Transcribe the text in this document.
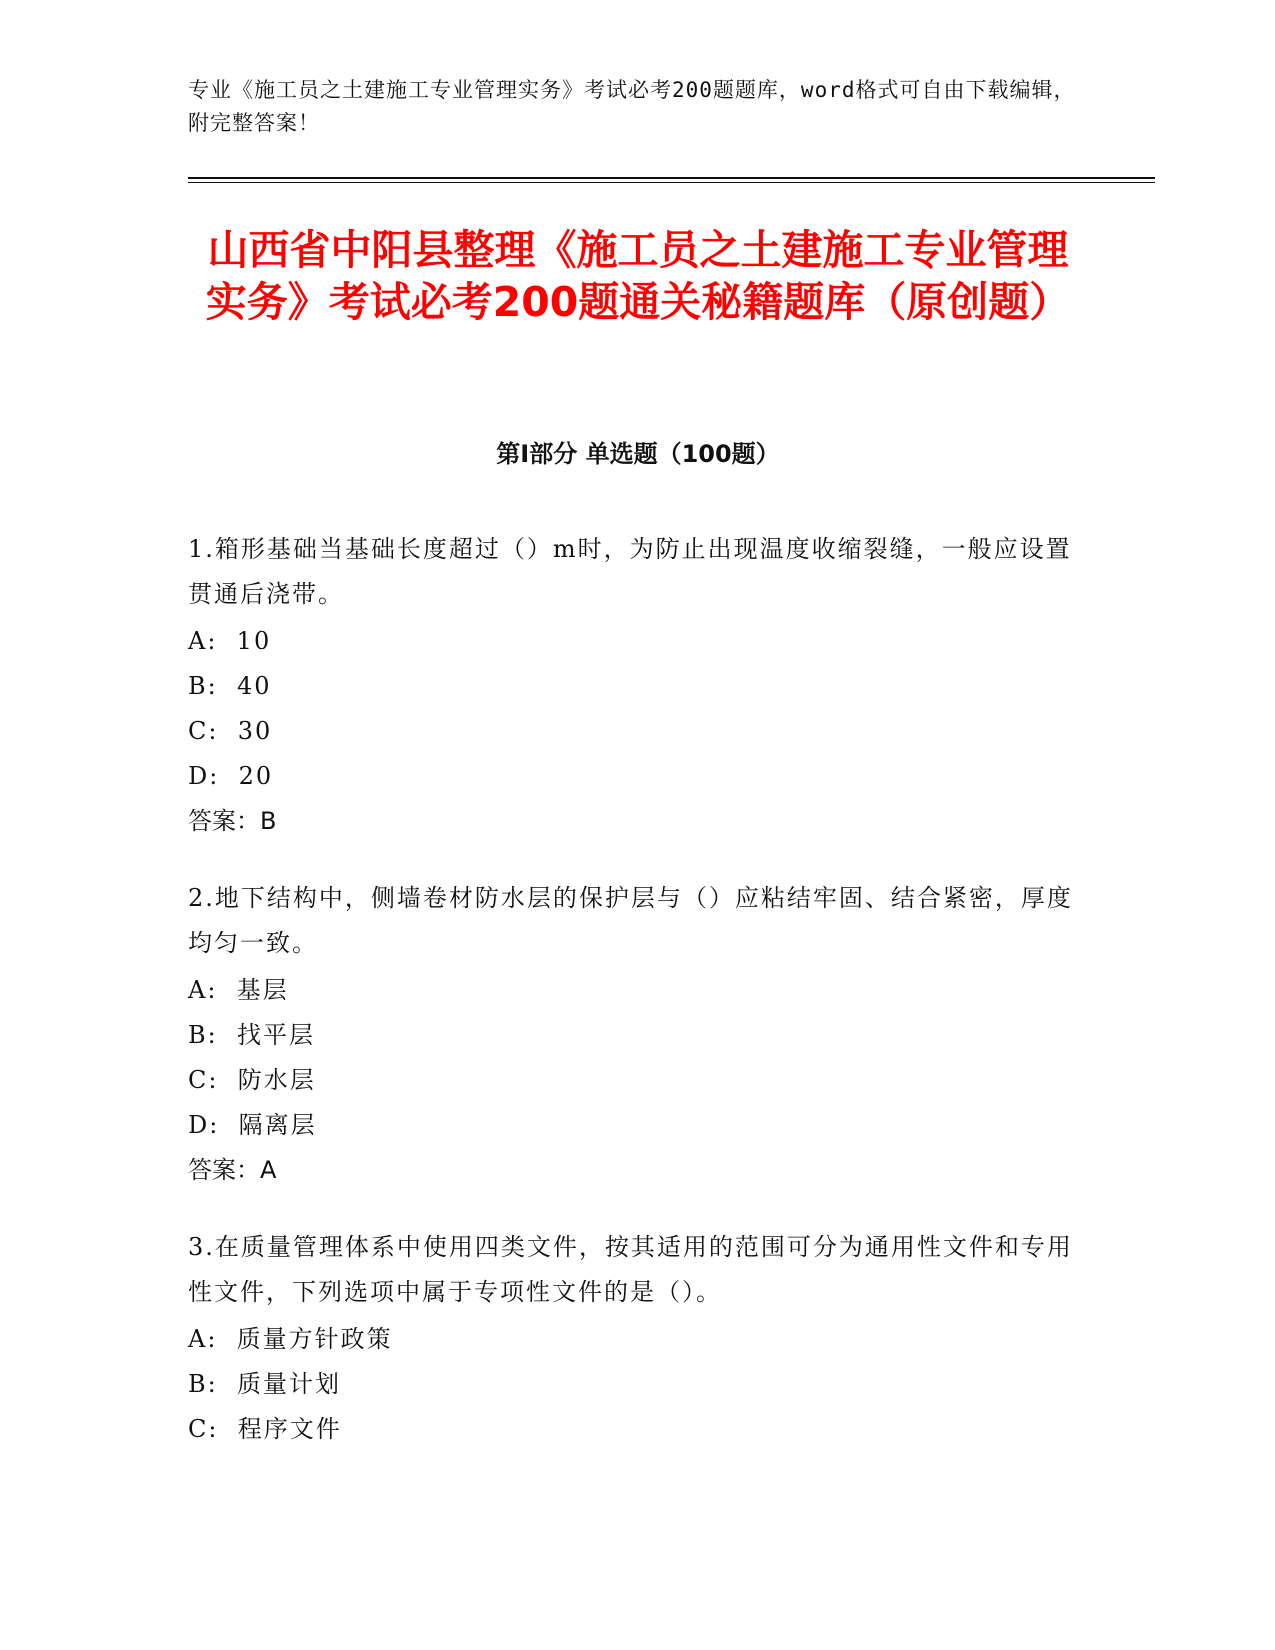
专业《施工员之土建施工专业管理实务》考试必考200题题库，word格式可自由下载编辑，附完整答案！
山西省中阳县整理《施工员之土建施工专业管理实务》考试必考200题通关秘籍题库（原创题）
第Ⅰ部分 单选题（100题）
1.箱形基础当基础长度超过（）m时，为防止出现温度收缩裂缝，一般应设置贯通后浇带。
A:  10
B:  40
C:  30
D:  20
答案：B
2.地下结构中，侧墙卷材防水层的保护层与（）应粘结牢固、结合紧密，厚度均匀一致。
A:  基层
B:  找平层
C:  防水层
D:  隔离层
答案：A
3.在质量管理体系中使用四类文件，按其适用的范围可分为通用性文件和专用性文件，下列选项中属于专项性文件的是（）。
A:  质量方针政策
B:  质量计划
C:  程序文件
